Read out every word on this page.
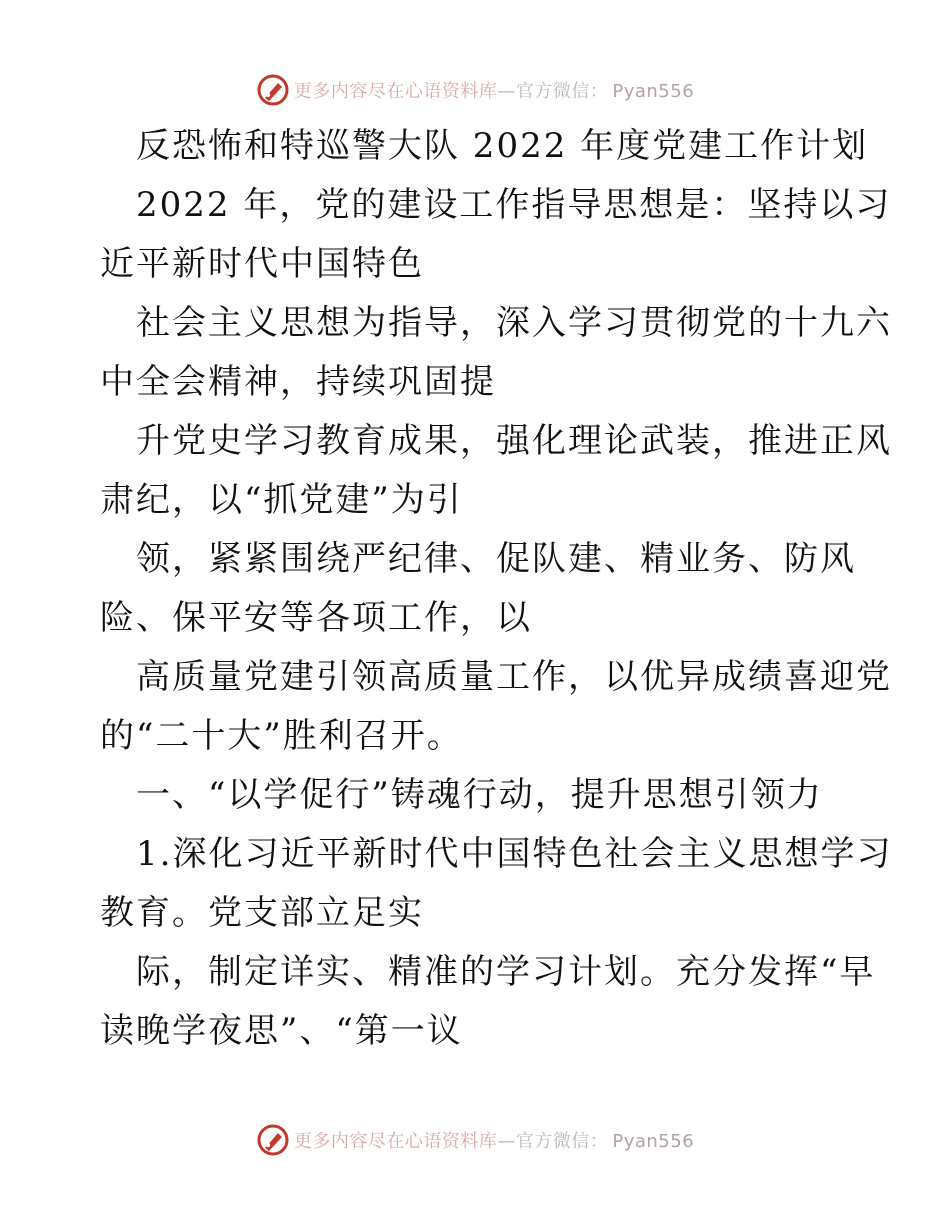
更多内容尽在心语资料库—官方微信： Pyan556
反恐怖和特巡警大队 2022 年度党建工作计划
2022 年，党的建设工作指导思想是：坚持以习
近平新时代中国特色
社会主义思想为指导，深入学习贯彻党的十九六
中全会精神，持续巩固提
升党史学习教育成果，强化理论武装，推进正风
肃纪，以“抓党建”为引
领，紧紧围绕严纪律、促队建、精业务、防风
险、保平安等各项工作，以
高质量党建引领高质量工作，以优异成绩喜迎党
的“二十大”胜利召开。
一、“以学促行”铸魂行动，提升思想引领力
1.深化习近平新时代中国特色社会主义思想学习
教育。党支部立足实
际，制定详实、精准的学习计划。充分发挥“早
读晚学夜思”、“第一议
更多内容尽在心语资料库—官方微信： Pyan556
